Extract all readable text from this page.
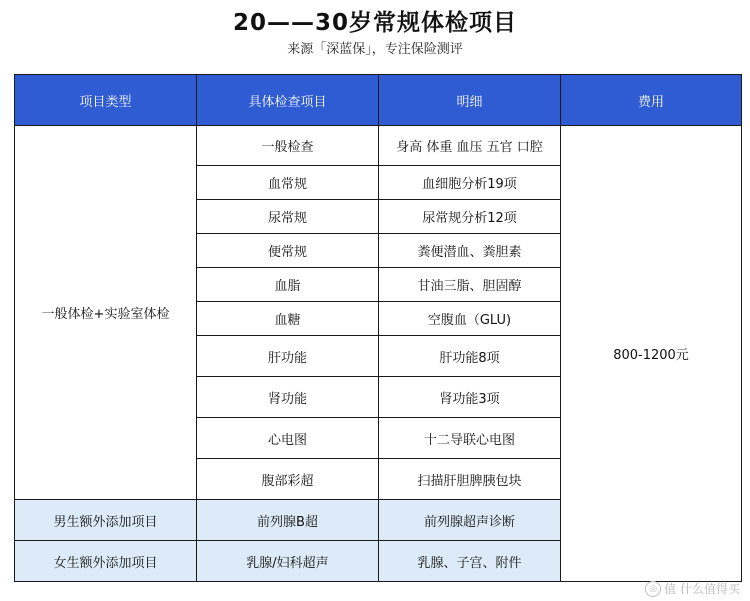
20——30岁常规体检项目
来源「深蓝保」，专注保险测评
项目类型	具体检查项目	明细	费用
一般体检+实验室体检	一般检查	身高 体重 血压 五官 口腔	800-1200元
	血常规	血细胞分析19项	
	尿常规	尿常规分析12项	
	便常规	粪便潜血、粪胆素	
	血脂	甘油三脂、胆固醇	
	血糖	空腹血（GLU)	
	肝功能	肝功能8项	
	肾功能	肾功能3项	
	心电图	十二导联心电图	
	腹部彩超	扫描肝胆脾胰包块	
男生额外添加项目	前列腺B超	前列腺超声诊断	
女生额外添加项目	乳腺/妇科超声	乳腺、子宫、附件	
◎ 值 什么值得买
